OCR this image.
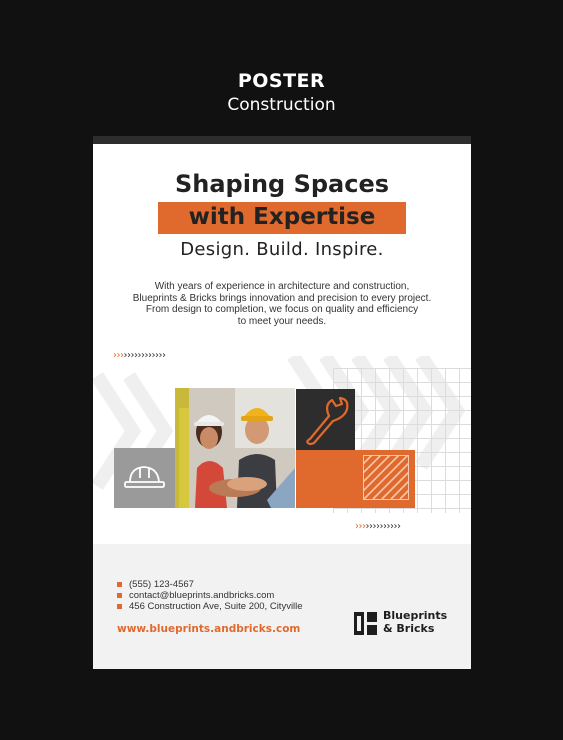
POSTER
Construction
Shaping Spaces
with Expertise
Design. Build. Inspire.
With years of experience in architecture and construction,
Blueprints & Bricks brings innovation and precision to every project.
From design to completion, we focus on quality and efficiency
to meet your needs.
›››››››››››››››
›››››››››››››
(555) 123-4567
contact@blueprints.andbricks.com
456 Construction Ave, Suite 200, Cityville
www.blueprints.andbricks.com
Blueprints
& Bricks
